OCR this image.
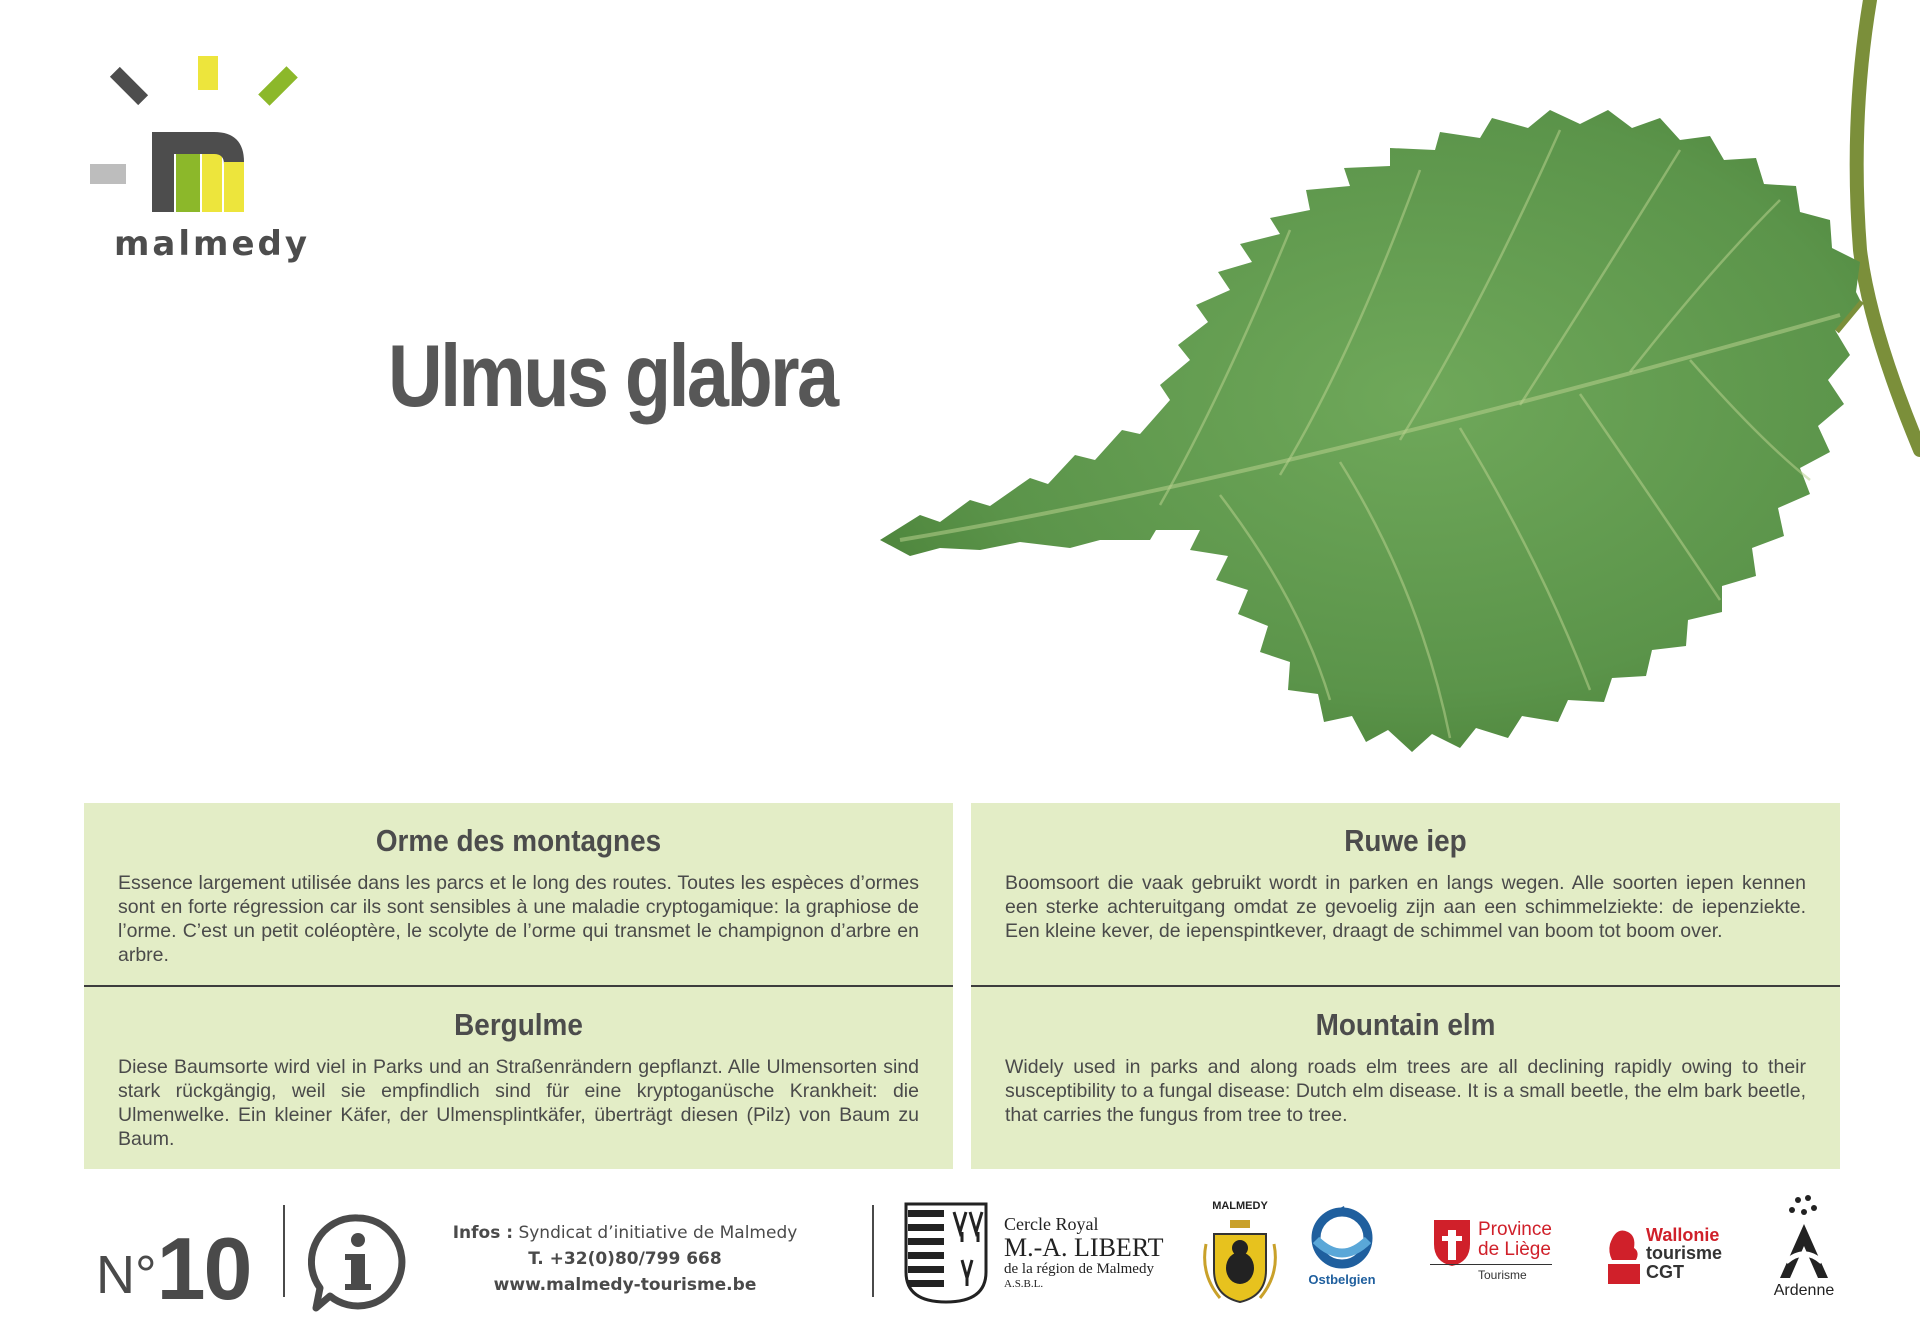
malmedy
Ulmus glabra
Orme des montagnes

Essence largement utilisée dans les parcs et le long des routes. Toutes les espèces d’ormes sont en forte régression car ils sont sensibles à une maladie cryptogamique: la graphiose de l’orme. C’est un petit coléoptère, le scolyte de l’orme qui transmet le champignon d’arbre en arbre.

Ruwe iep

Boomsoort die vaak gebruikt wordt in parken en langs wegen. Alle soorten iepen kennen een sterke achteruitgang omdat ze gevoelig zijn aan een schimmelziekte: de iepenziekte. Een kleine kever, de iepenspintkever, draagt de schimmel van boom tot boom over.

Bergulme

Diese Baumsorte wird viel in Parks und an Straßenrändern gepflanzt. Alle Ulmensorten sind stark rückgängig, weil sie empfindlich sind für eine kryptoganüsche Krankheit: die Ulmenwelke. Ein kleiner Käfer, der Ulmensplintkäfer, überträgt diesen (Pilz) von Baum zu Baum.

Mountain elm

Widely used in parks and along roads elm trees are all declining rapidly owing to their susceptibility to a fungal disease: Dutch elm disease. It is a small beetle, the elm bark beetle, that carries the fungus from tree to tree.

N°10	Infos : Syndicat d’initiative de Malmedy
T. +32(0)80/799 668
www.malmedy-tourisme.be
Cercle Royal
M.-A. LIBERT
de la région de Malmedy
A.S.B.L.
MALMEDY
Ostbelgien
Province
de Liège
Tourisme
Wallonie
tourisme
CGT
Ardenne
